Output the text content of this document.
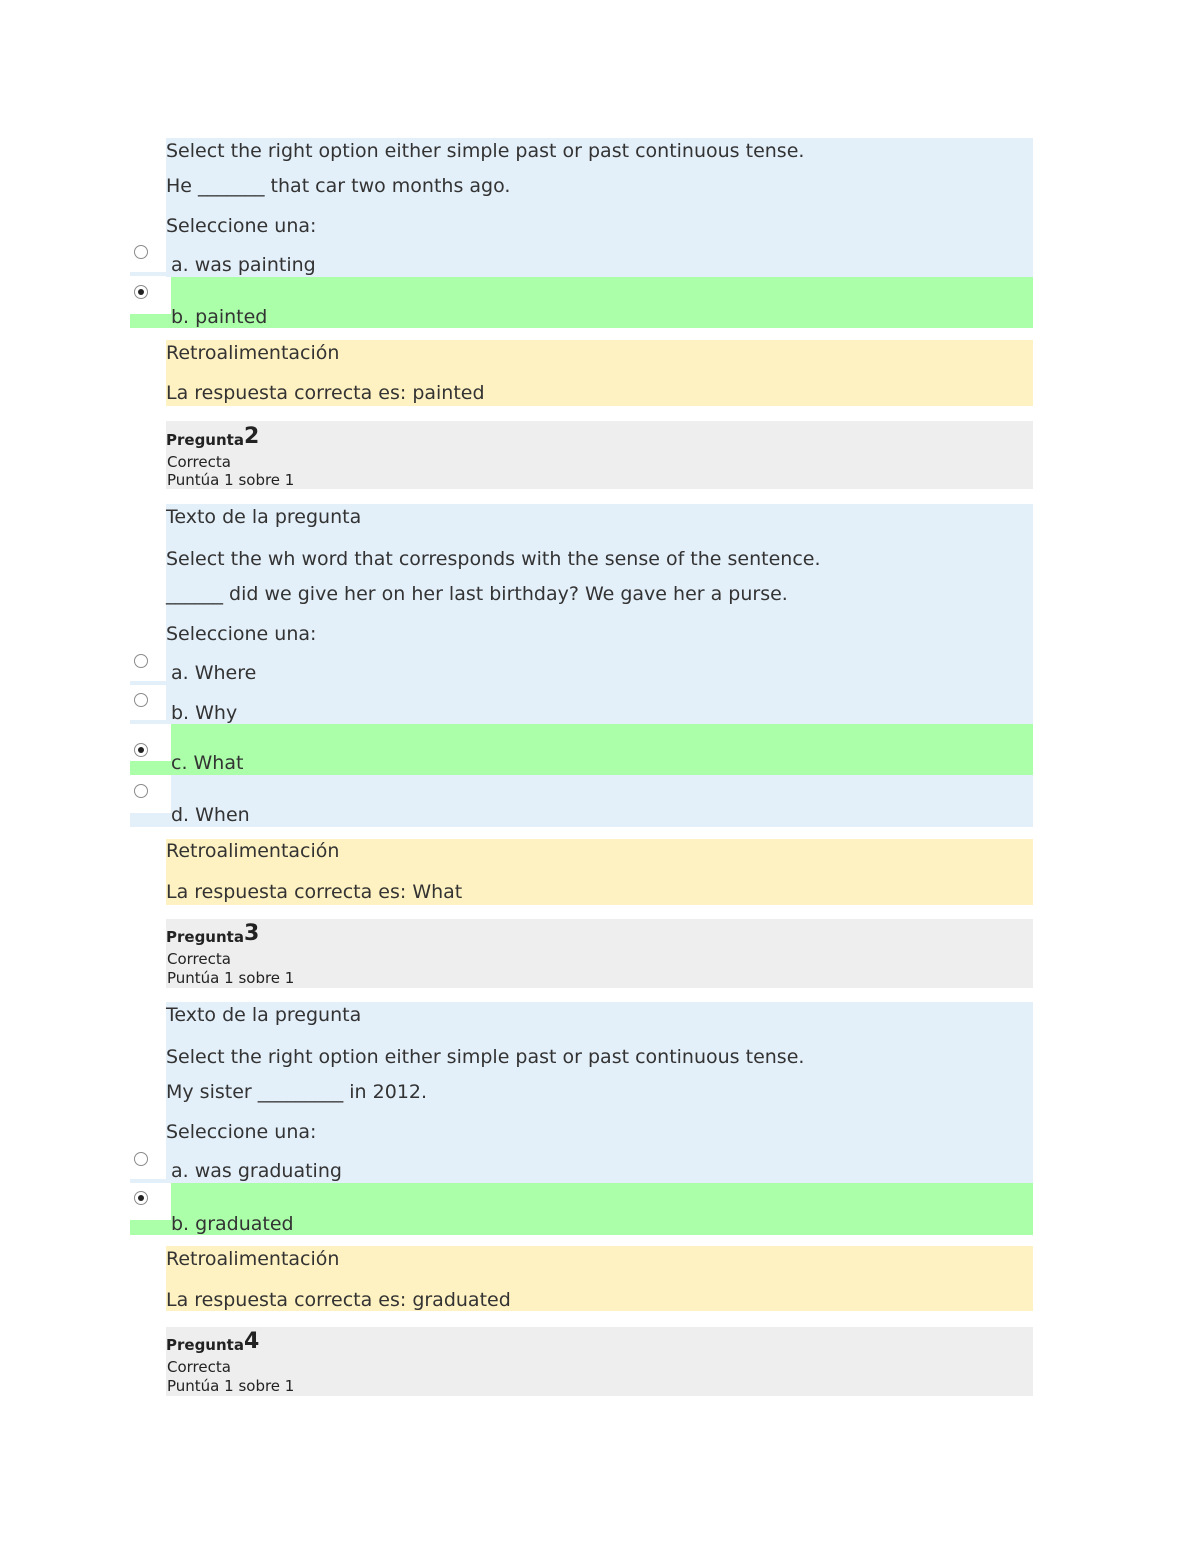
Select the right option either simple past or past continuous tense.
He _______ that car two months ago.
Seleccione una:
a. was painting
b. painted
Retroalimentación
La respuesta correcta es: painted
Pregunta 2
Correcta
Puntúa 1 sobre 1
Texto de la pregunta
Select the wh word that corresponds with the sense of the sentence.
______ did we give her on her last birthday? We gave her a purse.
Seleccione una:
a. Where
b. Why
c. What
d. When
Retroalimentación
La respuesta correcta es: What
Pregunta 3
Correcta
Puntúa 1 sobre 1
Texto de la pregunta
Select the right option either simple past or past continuous tense.
My sister _________ in 2012.
Seleccione una:
a. was graduating
b. graduated
Retroalimentación
La respuesta correcta es: graduated
Pregunta 4
Correcta
Puntúa 1 sobre 1
